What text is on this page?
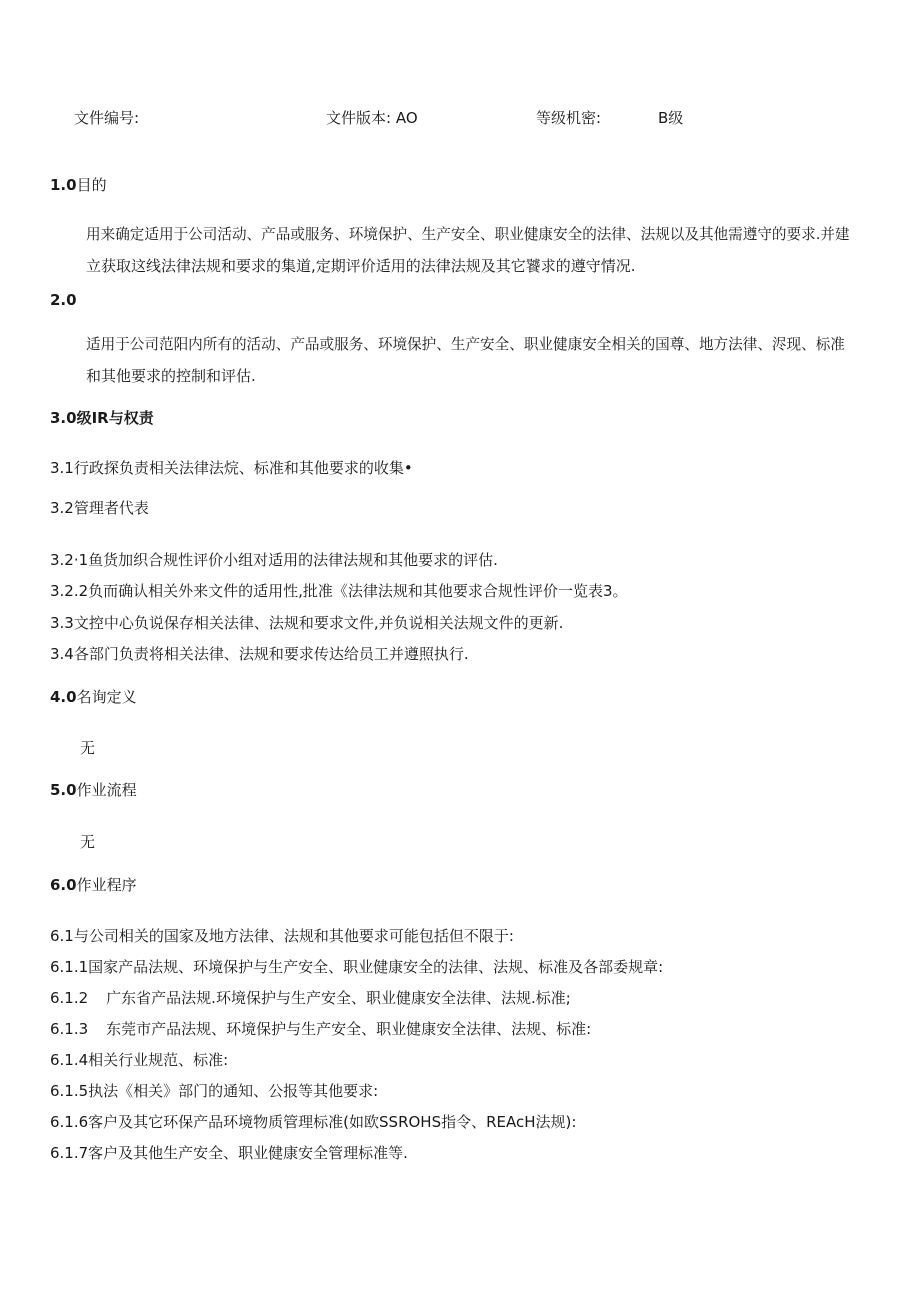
文件编号:	文件版本: AO	等级机密:	B级
1.0目的
用来确定适用于公司活动、产品或服务、环境保护、生产安全、职业健康安全的法律、法规以及其他需遵守的要求.并建
立获取这线法律法规和要求的集道,定期评价适用的法律法规及其它饕求的遵守情况.
2.0
适用于公司范阳内所有的活动、产品或服务、环境保护、生产安全、职业健康安全相关的国尊、地方法律、浕现、标准
和其他要求的控制和评估.
3.0级IR与权责
3.1行政探负责相关法律法烷、标准和其他要求的收集•
3.2管理者代表
3.2·1鱼货加织合规性评价小组对适用的法律法规和其他要求的评估.
3.2.2负而确认相关外来文件的适用性,批准《法律法规和其他要求合规性评价一览表3。
3.3文控中心负说保存相关法律、法规和要求文件,并负说相关法规文件的更新.
3.4各部门负责将相关法律、法规和要求传达给员工并遵照执行.
4.0名询定义
无
5.0作业流程
无
6.0作业程序
6.1与公司相关的国家及地方法律、法规和其他要求可能包括但不限于:
6.1.1国家产品法规、环境保护与生产安全、职业健康安全的法律、法规、标准及各部委规章:
6.1.2 广东省产品法规.环境保护与生产安全、职业健康安全法律、法规.标准;
6.1.3 东莞市产品法规、环境保护与生产安全、职业健康安全法律、法规、标准:
6.1.4相关行业规范、标准:
6.1.5执法《相关》部门的通知、公报等其他要求:
6.1.6客户及其它环保产品环境物质管理标准(如欧SSROHS指令、REAcH法规):
6.1.7客户及其他生产安全、职业健康安全管理标准等.
